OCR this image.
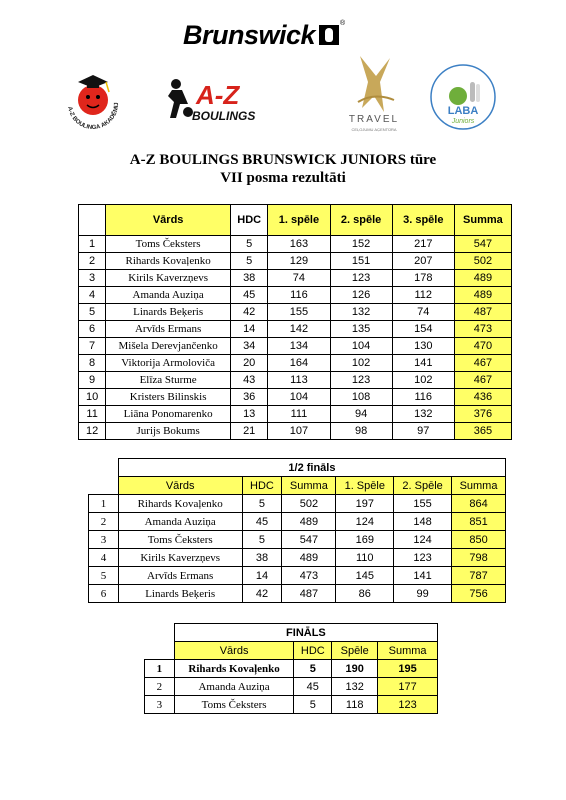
Brunswick	®
A-Z BOULINGA AKADĒMIJ	A-Z
BOULINGS	TRAVEL
CEĻOJUMU AĢENTŪRA
LABA
Juniors
A-Z BOULINGS BRUNSWICK JUNIORS tūre
VII posma rezultāti
	Vārds	HDC	1. spēle	2. spēle	3. spēle	Summa
1	Toms Čeksters	5	163	152	217	547
2	Rihards Kovaļenko	5	129	151	207	502
3	Kirils Kaverzņevs	38	74	123	178	489
4	Amanda Auziņa	45	116	126	112	489
5	Linards Beķeris	42	155	132	74	487
6	Arvīds Ermans	14	142	135	154	473
7	Mišela Derevjančenko	34	134	104	130	470
8	Viktorija Armoloviča	20	164	102	141	467
9	Elīza Sturme	43	113	123	102	467
10	Kristers Bilinskis	36	104	108	116	436
11	Liāna Ponomarenko	13	111	94	132	376
12	Jurijs Bokums	21	107	98	97	365
	1/2 fināls					
	Vārds	HDC	Summa	1. Spēle	2. Spēle	Summa
1	Rihards Kovaļenko	5	502	197	155	864
2	Amanda Auziņa	45	489	124	148	851
3	Toms Čeksters	5	547	169	124	850
4	Kirils Kaverzņevs	38	489	110	123	798
5	Arvīds Ermans	14	473	145	141	787
6	Linards Beķeris	42	487	86	99	756
	FINĀLS			
	Vārds	HDC	Spēle	Summa
1	Rihards Kovaļenko	5	190	195
2	Amanda Auziņa	45	132	177
3	Toms Čeksters	5	118	123
